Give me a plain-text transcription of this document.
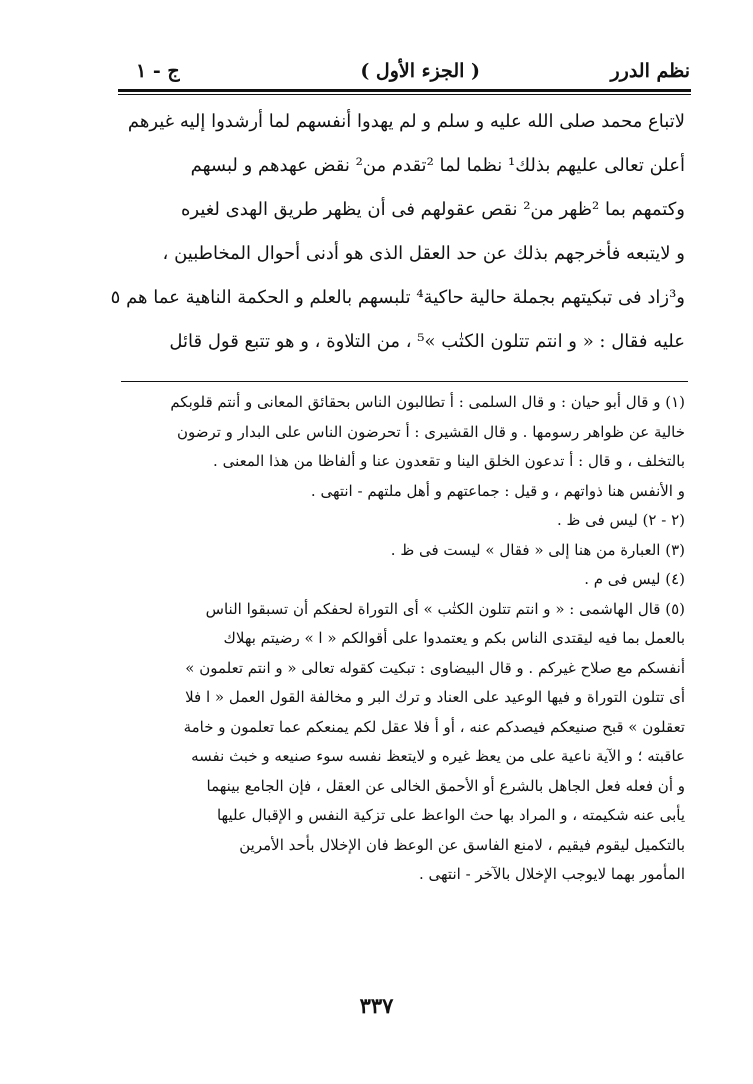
نظم الدرر
( الجزء الأول )
ج - ١

لاتباع محمد صلى الله عليه و سلم و لم يهدوا أنفسهم لما أرشدوا إليه غيرهم

أعلن تعالى عليهم بذلك¹ نظما لما ²تقدم من² نقض عهدهم و لبسهم

وكتمهم بما ²ظهر من² نقص عقولهم فى أن يظهر طريق الهدى لغيره

و لايتبعه فأخرجهم بذلك عن حد العقل الذى هو أدنى أحوال المخاطبين ،

و³زاد فى تبكيتهم بجملة حالية حاكية⁴ تلبسهم بالعلم و الحكمة الناهية عما هم ٥

عليه فقال : « و انتم تتلون الكتٰب »⁵ ، من التلاوة ، و هو تتبع قول قائل

(١) و قال أبو حيان : و قال السلمى : أ تطالبون الناس بحقائق المعانى و أنتم قلوبكم

خالية عن ظواهر رسومها . و قال القشيرى : أ تحرضون الناس على البدار و ترضون

بالتخلف ، و قال : أ تدعون الخلق الينا و تقعدون عنا و ألفاظا من هذا المعنى .

و الأنفس هنا ذواتهم ، و قيل : جماعتهم و أهل ملتهم - انتهى .

(٢ - ٢) ليس فى ظ .

(٣) العبارة من هنا إلى « فقال » ليست فى ظ .

(٤) ليس فى م .

(٥) قال الهاشمى : « و انتم تتلون الكتٰب » أى التوراة لحفكم أن تسبقوا الناس

بالعمل بما فيه ليقتدى الناس بكم و يعتمدوا على أقوالكم « ا » رضيتم بهلاك

أنفسكم مع صلاح غيركم . و قال البيضاوى : تبكيت كقوله تعالى « و انتم تعلمون »

أى تتلون التوراة و فيها الوعيد على العناد و ترك البر و مخالفة القول العمل « ا فلا

تعقلون » قبح صنيعكم فيصدكم عنه ، أو أ فلا عقل لكم يمنعكم عما تعلمون و خامة

عاقبته ؛ و الآية ناعية على من يعظ غيره و لايتعظ نفسه سوء صنيعه و خبث نفسه

و أن فعله فعل الجاهل بالشرع أو الأحمق الخالى عن العقل ، فإن الجامع بينهما

يأبى عنه شكيمته ، و المراد بها حث الواعظ على تزكية النفس و الإقبال عليها

بالتكميل ليقوم فيقيم ، لامنع الفاسق عن الوعظ فان الإخلال بأحد الأمرين

المأمور بهما لايوجب الإخلال بالآخر - انتهى .

٣٣٧
